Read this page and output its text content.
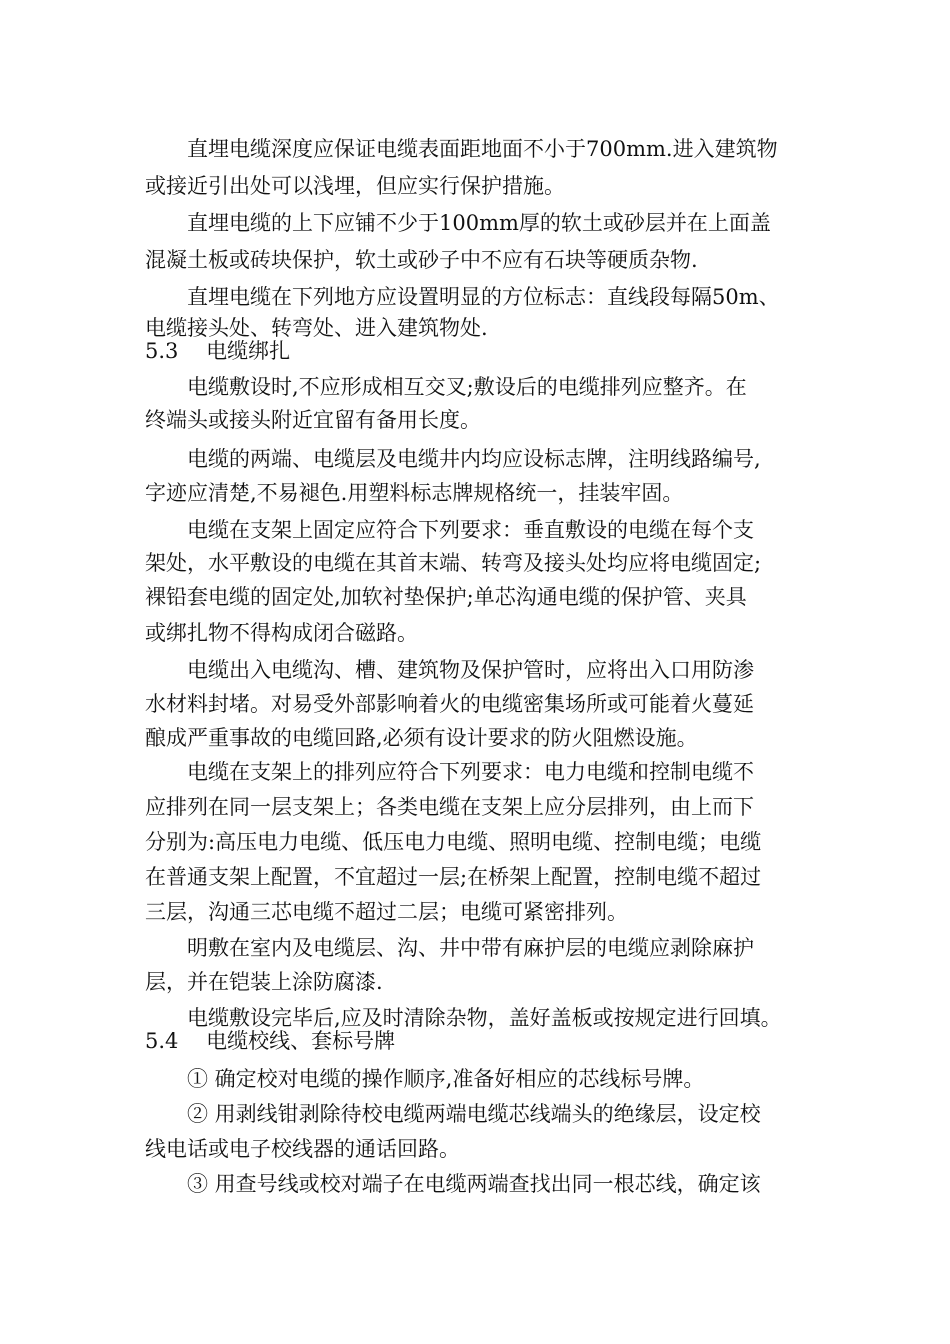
直埋电缆深度应保证电缆表面距地面不小于700mm.进入建筑物
或接近引出处可以浅埋，但应实行保护措施。
直埋电缆的上下应铺不少于100mm厚的软土或砂层并在上面盖
混凝土板或砖块保护，软土或砂子中不应有石块等硬质杂物.
直埋电缆在下列地方应设置明显的方位标志：直线段每隔50m、
电缆接头处、转弯处、进入建筑物处.
5.3　 电缆绑扎
电缆敷设时,不应形成相互交叉;敷设后的电缆排列应整齐。在
终端头或接头附近宜留有备用长度。
电缆的两端、电缆层及电缆井内均应设标志牌，注明线路编号,
字迹应清楚,不易褪色.用塑料标志牌规格统一，挂装牢固。
电缆在支架上固定应符合下列要求：垂直敷设的电缆在每个支
架处，水平敷设的电缆在其首末端、转弯及接头处均应将电缆固定;
裸铅套电缆的固定处,加软衬垫保护;单芯沟通电缆的保护管、夹具
或绑扎物不得构成闭合磁路。
电缆出入电缆沟、槽、建筑物及保护管时，应将出入口用防渗
水材料封堵。对易受外部影响着火的电缆密集场所或可能着火蔓延
酿成严重事故的电缆回路,必须有设计要求的防火阻燃设施。
电缆在支架上的排列应符合下列要求：电力电缆和控制电缆不
应排列在同一层支架上；各类电缆在支架上应分层排列，由上而下
分别为:高压电力电缆、低压电力电缆、照明电缆、控制电缆；电缆
在普通支架上配置，不宜超过一层;在桥架上配置，控制电缆不超过
三层，沟通三芯电缆不超过二层；电缆可紧密排列。
明敷在室内及电缆层、沟、井中带有麻护层的电缆应剥除麻护
层，并在铠装上涂防腐漆.
电缆敷设完毕后,应及时清除杂物，盖好盖板或按规定进行回填。
5.4　 电缆校线、套标号牌
① 确定校对电缆的操作顺序,准备好相应的芯线标号牌。
② 用剥线钳剥除待校电缆两端电缆芯线端头的绝缘层，设定校
线电话或电子校线器的通话回路。
③ 用查号线或校对端子在电缆两端查找出同一根芯线，确定该
